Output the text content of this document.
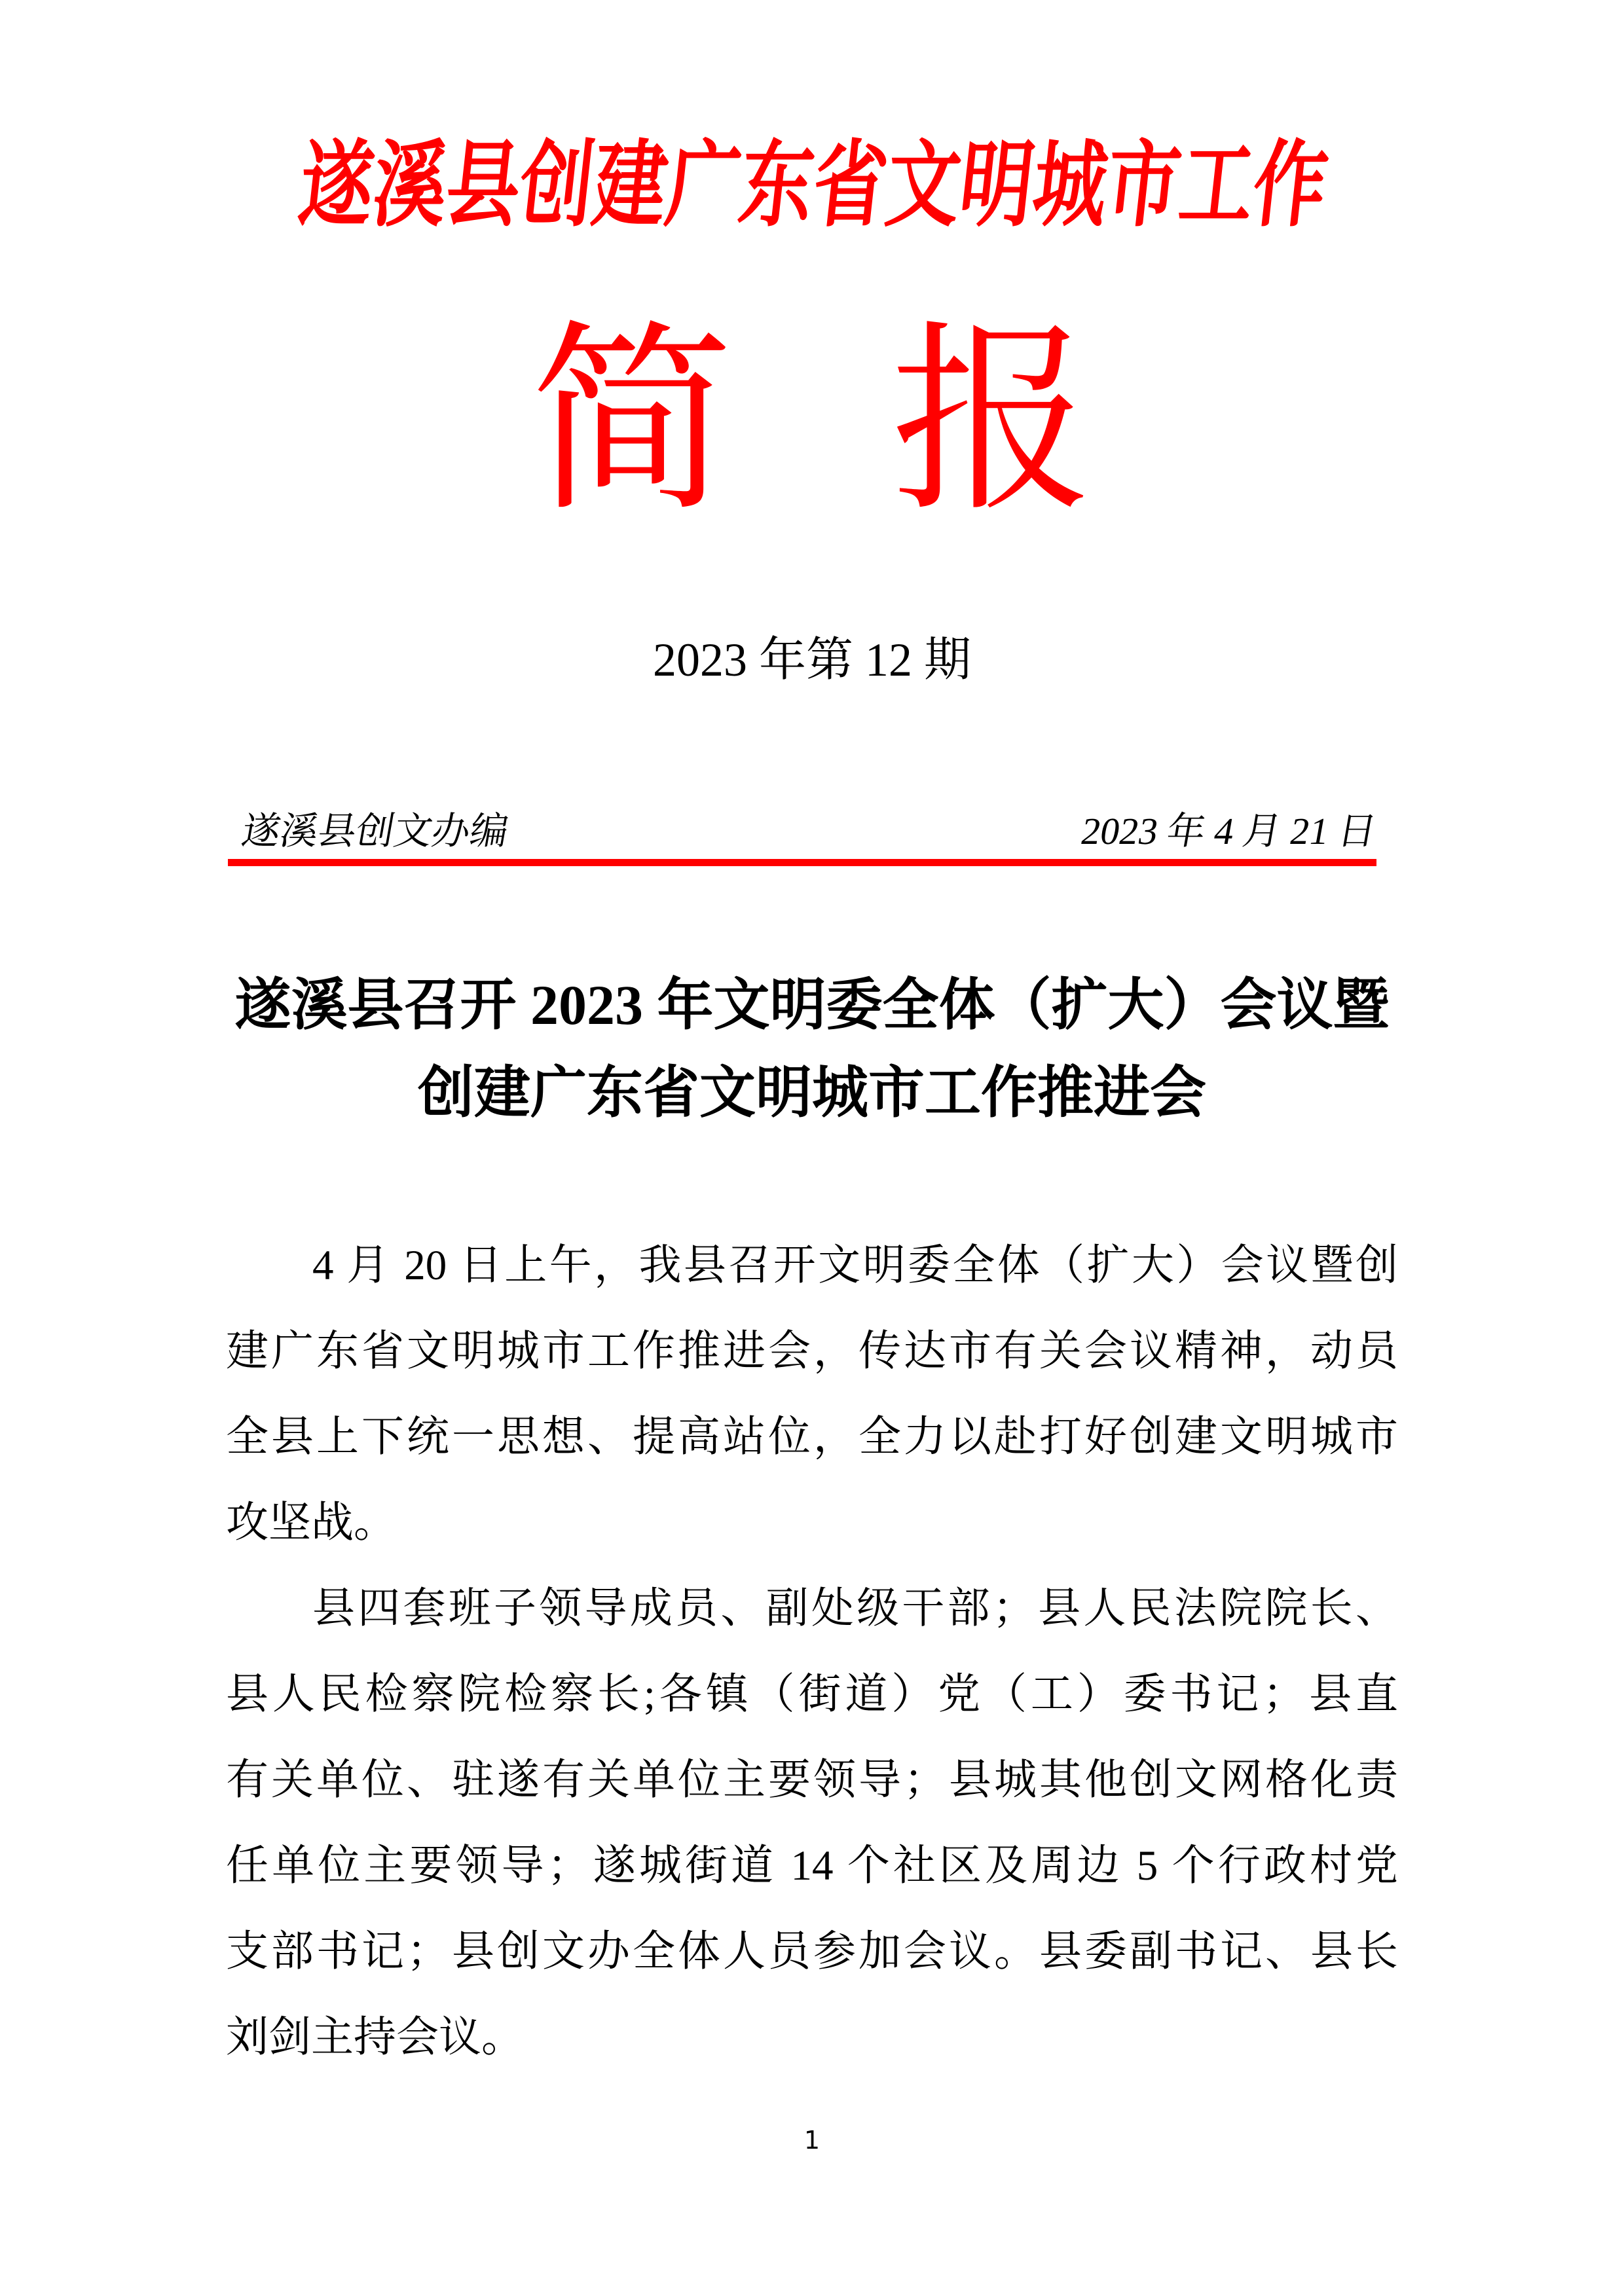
遂溪县创建广东省文明城市工作
简 报
2023 年第 12 期
遂溪县创文办编	2023 年 4 月 21 日
遂溪县召开 2023 年文明委全体（扩大）会议暨
创建广东省文明城市工作推进会
4 月 20 日上午，我县召开文明委全体（扩大）会议暨创
建广东省文明城市工作推进会，传达市有关会议精神，动员
全县上下统一思想、提高站位，全力以赴打好创建文明城市
攻坚战。
县四套班子领导成员、副处级干部；县人民法院院长、
县人民检察院检察长;各镇（街道）党（工）委书记；县直
有关单位、驻遂有关单位主要领导；县城其他创文网格化责
任单位主要领导；遂城街道 14 个社区及周边 5 个行政村党
支部书记；县创文办全体人员参加会议。县委副书记、县长
刘剑主持会议。
1
